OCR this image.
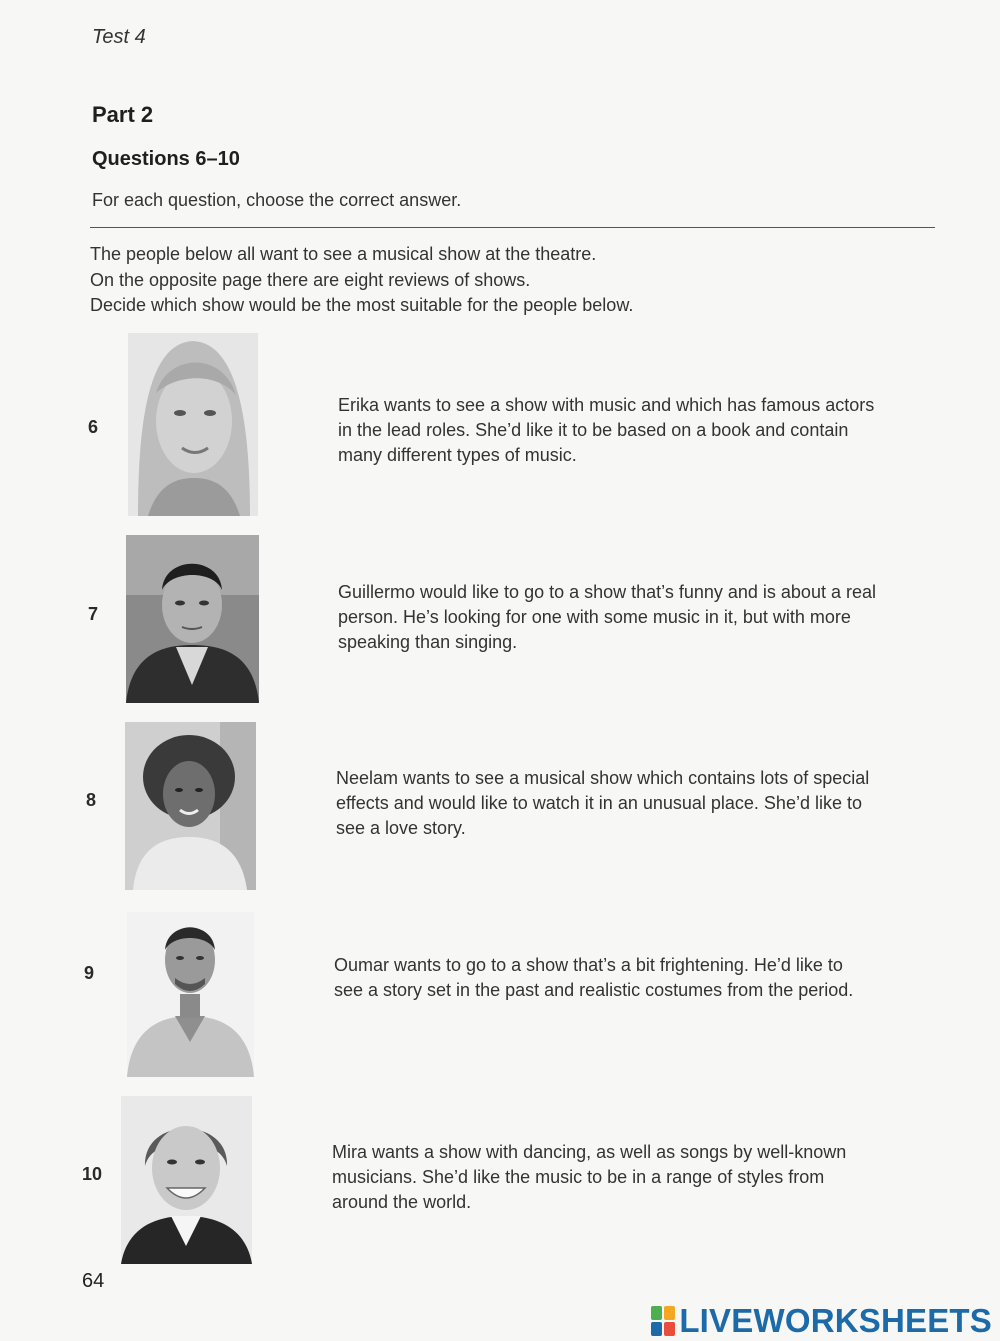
Test 4
Part 2
Questions 6–10
For each question, choose the correct answer.
The people below all want to see a musical show at the theatre.
On the opposite page there are eight reviews of shows.
Decide which show would be the most suitable for the people below.
6
Erika wants to see a show with music and which has famous actors
in the lead roles. She’d like it to be based on a book and contain
many different types of music.
7
Guillermo would like to go to a show that’s funny and is about a real
person. He’s looking for one with some music in it, but with more
speaking than singing.
8
Neelam wants to see a musical show which contains lots of special
effects and would like to watch it in an unusual place. She’d like to
see a love story.
9	Oumar wants to go to a show that’s a bit frightening. He’d like to
see a story set in the past and realistic costumes from the period.
10
Mira wants a show with dancing, as well as songs by well-known
musicians. She’d like the music to be in a range of styles from
around the world.
64
LIVEWORKSHEETS
